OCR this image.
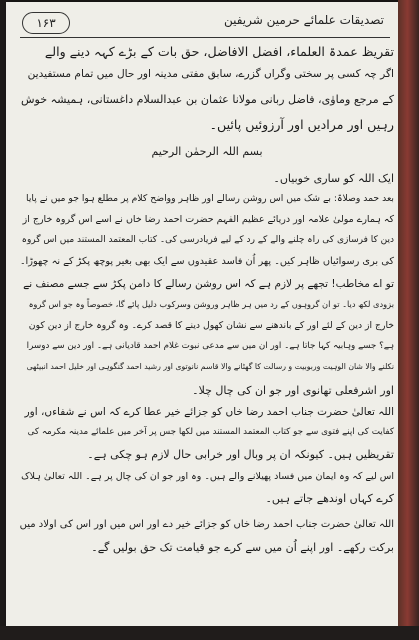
تصدیقات علمائے حرمین شریفین
۱۶۳
تقریظ عمدۃ العلماء، افضل الافاضل، حق بات کے بڑے کہہ دینے والے
اگر چہ کسی پر سختی وگراں گزرے، سابق مفتی مدینہ اور حال میں تمام مستفیدین
کے مرجع وماوٰی، فاضل ربانی مولانا عثمان بن عبدالسلام داغستانی، ہمیشہ خوش
رہیں اور مرادیں اور آرزوئیں پائیں۔
بسم اللہ الرحمٰن الرحیم
ایک اللہ کو ساری خوبیاں۔
بعد حمد وصلاۃ: بے شک میں اس روشن رسالے اور ظاہر وواضح کلام پر مطلع ہوا جو میں نے پایا
کہ ہمارے مولیٰ علامہ اور دریائے عظیم الفہم حضرت احمد رضا خاں نے اسے اس گروہ خارج از
دین کا فرسازی کی راہ چلنے والے کے رد کے لیے فریادرسی کی۔ کتاب المعتمد المستند میں اس گروہ
کی بری رسوائیاں ظاہر کیں۔ پھر اُن فاسد عقیدوں سے ایک بھی بغیر پوچھ پکڑ کے نہ چھوڑا۔
تو اے مخاطب! تجھے پر لازم ہے کہ اس روشن رسالے کا دامن پکڑ سے جسے مصنف نے
بزودی لکھ دیا۔ تو ان گروہوں کے رد میں ہر ظاہر وروشن وسرکوب دلیل پائے گا، خصوصاً وہ جو اس گروہ
خارج از دین کے لئے اور کے باندھنے سے نشان کھول دینے کا قصد کرے۔ وہ گروہ خارج از دین کون
ہے؟ جسے وہابیہ کہا جاتا ہے۔ اور ان میں سے مدعی نبوت غلام احمد قادیانی ہے۔ اور دین سے دوسرا
نکلنے والا شان الوہیت وربوبیت و رسالت کا گھٹانے والا قاسم نانوتوی اور رشید احمد گنگوہی اور خلیل احمد انبیٹھی
اور اشرفعلی تھانوی اور جو ان کی چال چلا۔
اللہ تعالیٰ حضرت جناب احمد رضا خاں کو جزائے خیر عطا کرے کہ اس نے شفاءں، اور
کفایت کی اپنے فتوی سے جو کتاب المعتمد المستند میں لکھا جس پر آخر میں علمائے مدینہ مکرمہ کی
تقریظیں ہیں۔ کیونکہ ان پر وبال اور خرابی حال لازم ہو چکی ہے۔
اس لیے کہ وہ ایمان میں فساد پھیلانے والے ہیں۔ وہ اور جو ان کی چال پر ہے۔ اللہ تعالیٰ ہلاک
کرے کہاں اوندھے جاتے ہیں۔
اللہ تعالیٰ حضرت جناب احمد رضا خاں کو جزائے خیر دے اور اس میں اور اس کی اولاد میں
برکت رکھے۔ اور اپنے اُن میں سے کرے جو قیامت تک حق بولیں گے۔
